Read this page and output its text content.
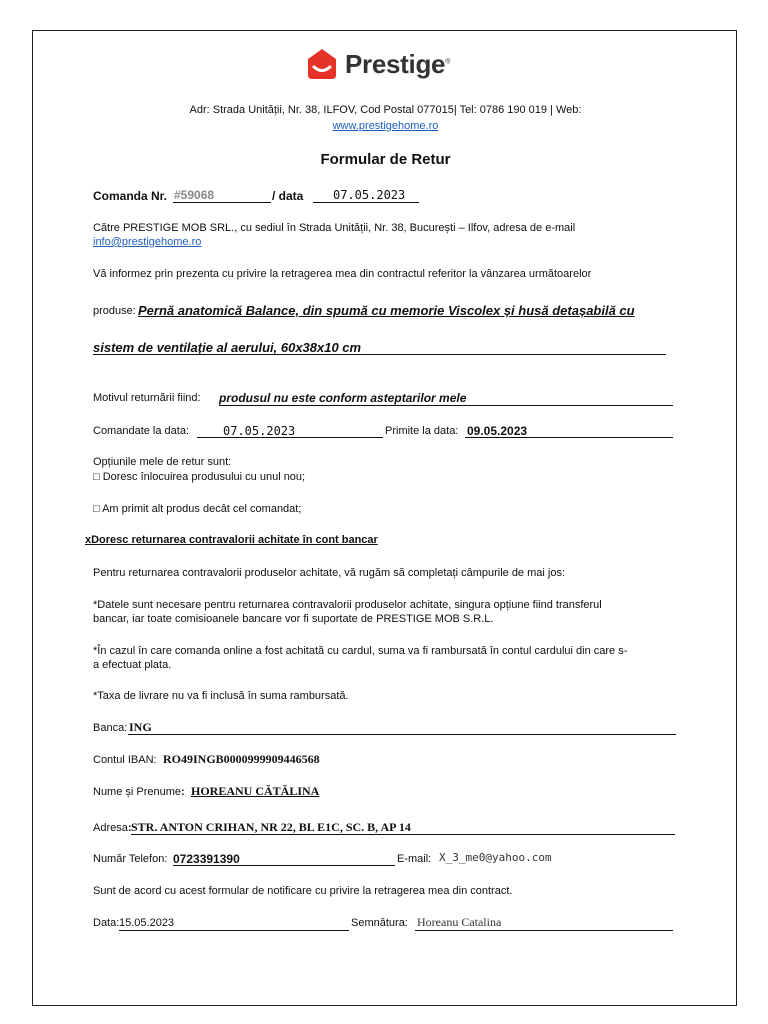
Prestige®
Adr: Strada Unității, Nr. 38, ILFOV, Cod Postal 077015| Tel: 0786 190 019 | Web:
www.prestigehome.ro
Formular de Retur
Comanda Nr. #59068	/ data 07.05.2023
Către PRESTIGE MOB SRL., cu sediul în Strada Unității, Nr. 38, București – Ilfov, adresa de e-mail
info@prestigehome.ro
Vă informez prin prezenta cu privire la retragerea mea din contractul referitor la vânzarea următoarelor
produse: Pernă anatomică Balance, din spumă cu memorie Viscolex și husă detașabilă cu
sistem de ventilație al aerului, 60x38x10 cm
Motivul returnării fiind: produsul nu este conform asteptarilor mele
Comandate la data:	07.05.2023	Primite la data: 09.05.2023
Opțiunile mele de retur sunt:
□ Doresc înlocuirea produsului cu unul nou;
□ Am primit alt produs decât cel comandat;
xDoresc returnarea contravalorii achitate în cont bancar
Pentru returnarea contravalorii produselor achitate, vă rugăm să completați câmpurile de mai jos:
*Datele sunt necesare pentru returnarea contravalorii produselor achitate, singura opțiune fiind transferul
bancar, iar toate comisioanele bancare vor fi suportate de PRESTIGE MOB S.R.L.
*În cazul în care comanda online a fost achitată cu cardul, suma va fi rambursată în contul cardului din care s-
a efectuat plata.
*Taxa de livrare nu va fi inclusă în suma rambursată.
Banca: ING
Contul IBAN: RO49INGB0000999909446568
Nume și Prenume: HOREANU CĂTĂLINA
Adresa: STR. ANTON CRIHAN, NR 22, BL E1C, SC. B, AP 14
Număr Telefon: 0723391390	E-mail: X_3_me0@yahoo.com
Sunt de acord cu acest formular de notificare cu privire la retragerea mea din contract.
Data: 15.05.2023	Semnătura: Horeanu Catalina
